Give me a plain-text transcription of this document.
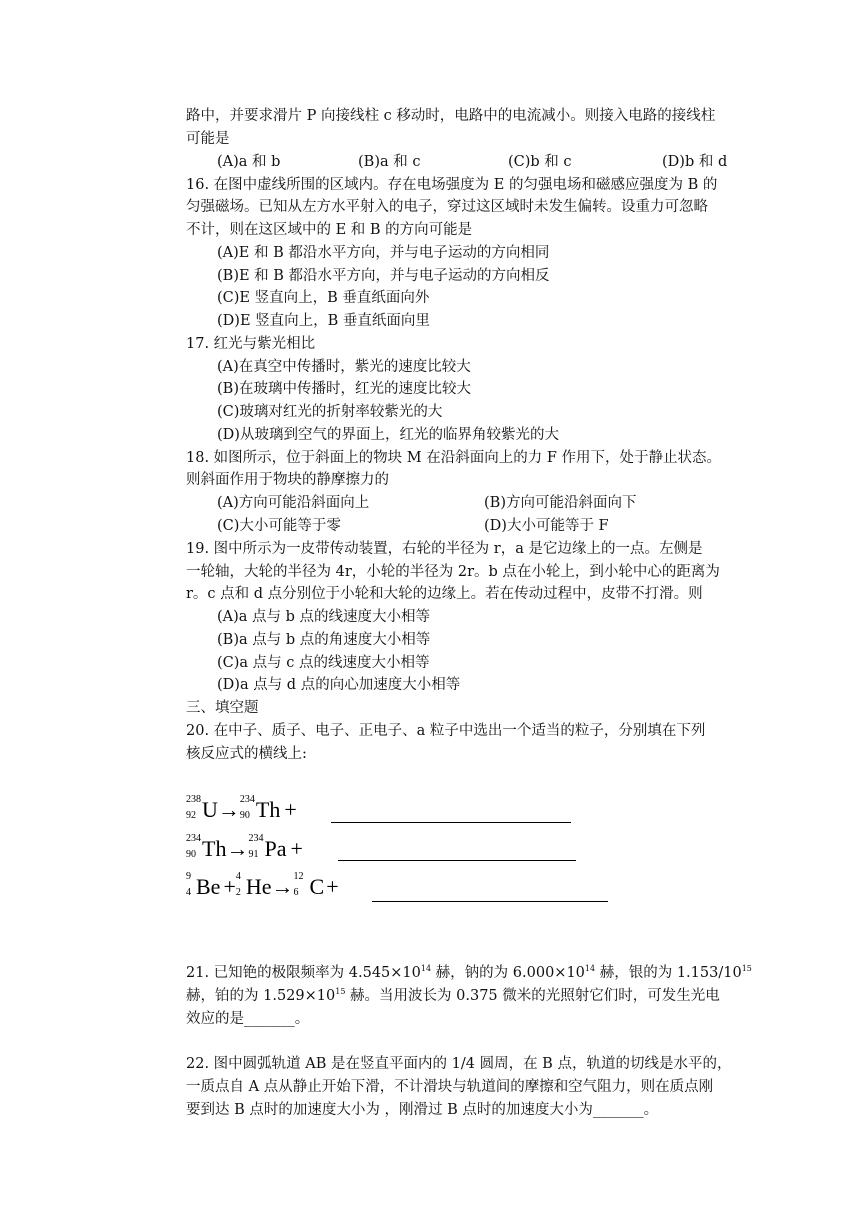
路中，并要求滑片 P 向接线柱 c 移动时，电路中的电流减小。则接入电路的接线柱
可能是
(A)a 和 b	(B)a 和 c	(C)b 和 c	(D)b 和 d
16. 在图中虚线所围的区域内。存在电场强度为 E 的匀强电场和磁感应强度为 B 的
匀强磁场。已知从左方水平射入的电子，穿过这区域时未发生偏转。设重力可忽略
不计，则在这区域中的 E 和 B 的方向可能是
(A)E 和 B 都沿水平方向，并与电子运动的方向相同
(B)E 和 B 都沿水平方向，并与电子运动的方向相反
(C)E 竖直向上，B 垂直纸面向外
(D)E 竖直向上，B 垂直纸面向里
17. 红光与紫光相比
(A)在真空中传播时，紫光的速度比较大
(B)在玻璃中传播时，红光的速度比较大
(C)玻璃对红光的折射率较紫光的大
(D)从玻璃到空气的界面上，红光的临界角较紫光的大
18. 如图所示，位于斜面上的物块 M 在沿斜面向上的力 F 作用下，处于静止状态。
则斜面作用于物块的静摩擦力的
(A)方向可能沿斜面向上	(B)方向可能沿斜面向下
(C)大小可能等于零	(D)大小可能等于 F
19. 图中所示为一皮带传动装置，右轮的半径为 r，a 是它边缘上的一点。左侧是
一轮轴，大轮的半径为 4r，小轮的半径为 2r。b 点在小轮上，到小轮中心的距离为
r。c 点和 d 点分别位于小轮和大轮的边缘上。若在传动过程中，皮带不打滑。则
(A)a 点与 b 点的线速度大小相等
(B)a 点与 b 点的角速度大小相等
(C)a 点与 c 点的线速度大小相等
(D)a 点与 d 点的向心加速度大小相等
三、填空题
20. 在中子、质子、电子、正电子、a 粒子中选出一个适当的粒子，分别填在下列
核反应式的横线上:
238
92 U→ 234
90 Th +
234
90 Th→ 234
91 Pa +
9
4 Be + 4
2 He→ 12
6 C+
21. 已知铯的极限频率为 $4.545\times 10^{14}$ 赫，钠的为 $6.000\times 10^{14}$ 赫，银的为 $1.153/10^{15}$
赫，铂的为 $1.529\times 10^{15}$ 赫。当用波长为 0.375 微米的光照射它们时，可发生光电
效应的是_______。
22. 图中圆弧轨道 AB 是在竖直平面内的 1/4 圆周，在 B 点，轨道的切线是水平的，
一质点自 A 点从静止开始下滑，不计滑块与轨道间的摩擦和空气阻力，则在质点刚
要到达 B 点时的加速度大小为 ，刚滑过 B 点时的加速度大小为_______。
